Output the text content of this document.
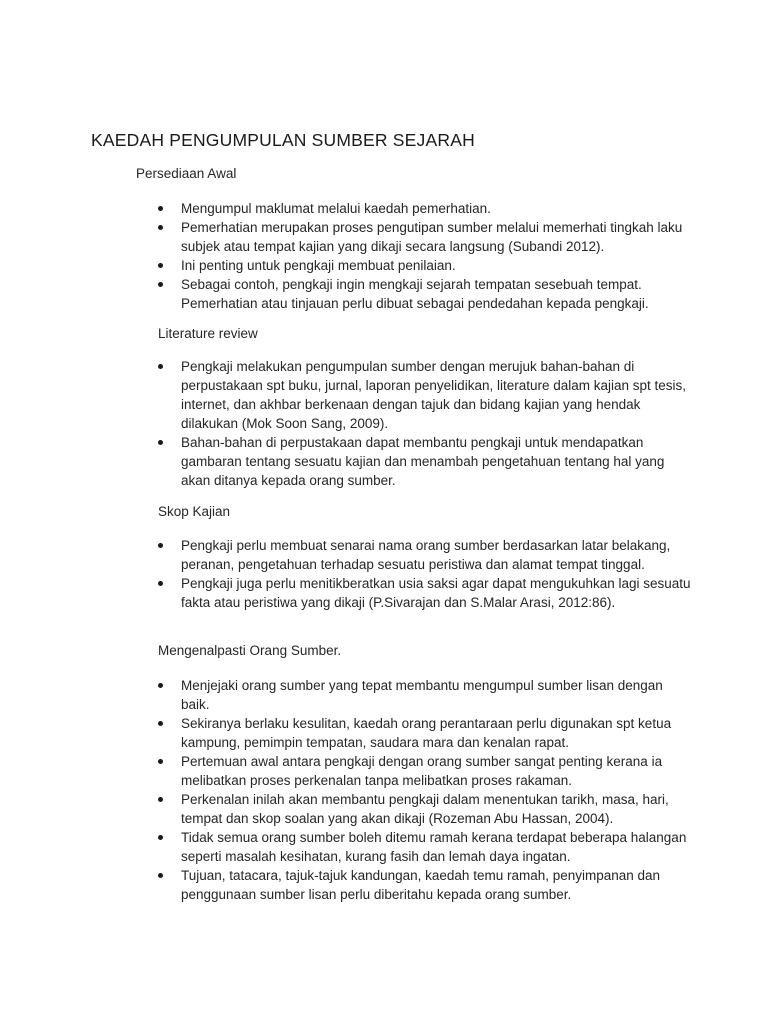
KAEDAH PENGUMPULAN SUMBER SEJARAH

Persediaan Awal

Mengumpul maklumat melalui kaedah pemerhatian.
Pemerhatian merupakan proses pengutipan sumber melalui memerhati tingkah laku subjek atau tempat kajian yang dikaji secara langsung (Subandi 2012).
Ini penting untuk pengkaji membuat penilaian.
Sebagai contoh, pengkaji ingin mengkaji sejarah tempatan sesebuah tempat. Pemerhatian atau tinjauan perlu dibuat sebagai pendedahan kepada pengkaji.

Literature review

Pengkaji melakukan pengumpulan sumber dengan merujuk bahan-bahan di perpustakaan spt buku, jurnal, laporan penyelidikan, literature dalam kajian spt tesis, internet, dan akhbar berkenaan dengan tajuk dan bidang kajian yang hendak dilakukan (Mok Soon Sang, 2009).
Bahan-bahan di perpustakaan dapat membantu pengkaji untuk mendapatkan gambaran tentang sesuatu kajian dan menambah pengetahuan tentang hal yang akan ditanya kepada orang sumber.

Skop Kajian

Pengkaji perlu membuat senarai nama orang sumber berdasarkan latar belakang, peranan, pengetahuan terhadap sesuatu peristiwa dan alamat tempat tinggal.
Pengkaji juga perlu menitikberatkan usia saksi agar dapat mengukuhkan lagi sesuatu fakta atau peristiwa yang dikaji (P.Sivarajan dan S.Malar Arasi, 2012:86).

Mengenalpasti Orang Sumber.

Menjejaki orang sumber yang tepat membantu mengumpul sumber lisan dengan baik.
Sekiranya berlaku kesulitan, kaedah orang perantaraan perlu digunakan spt ketua kampung, pemimpin tempatan, saudara mara dan kenalan rapat.
Pertemuan awal antara pengkaji dengan orang sumber sangat penting kerana ia melibatkan proses perkenalan tanpa melibatkan proses rakaman.
Perkenalan inilah akan membantu pengkaji dalam menentukan tarikh, masa, hari, tempat dan skop soalan yang akan dikaji (Rozeman Abu Hassan, 2004).
Tidak semua orang sumber boleh ditemu ramah kerana terdapat beberapa halangan seperti masalah kesihatan, kurang fasih dan lemah daya ingatan.
Tujuan, tatacara, tajuk-tajuk kandungan, kaedah temu ramah, penyimpanan dan penggunaan sumber lisan perlu diberitahu kepada orang sumber.
